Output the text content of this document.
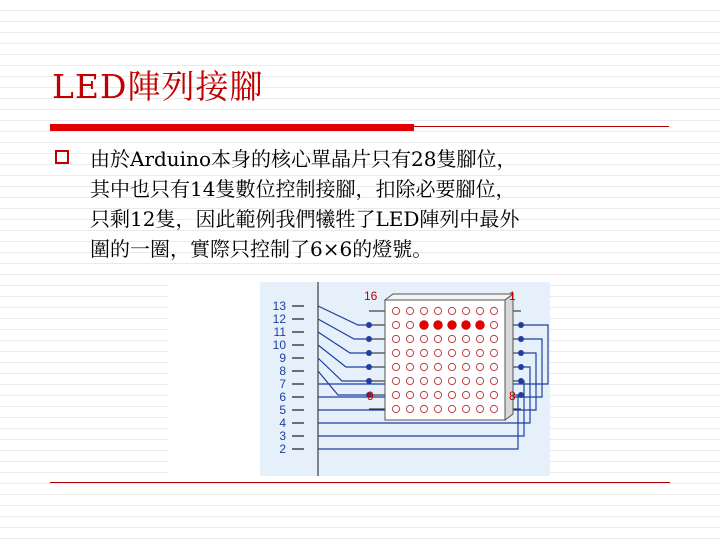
LED陣列接腳
由於Arduino本身的核心單晶片只有28隻腳位，
其中也只有14隻數位控制接腳，扣除必要腳位，
只剩12隻，因此範例我們犧牲了LED陣列中最外
圍的一圈，實際只控制了6×6的燈號。
13
12
11
10
9
8
7
6
5
4
3
2
16	1
9	8
